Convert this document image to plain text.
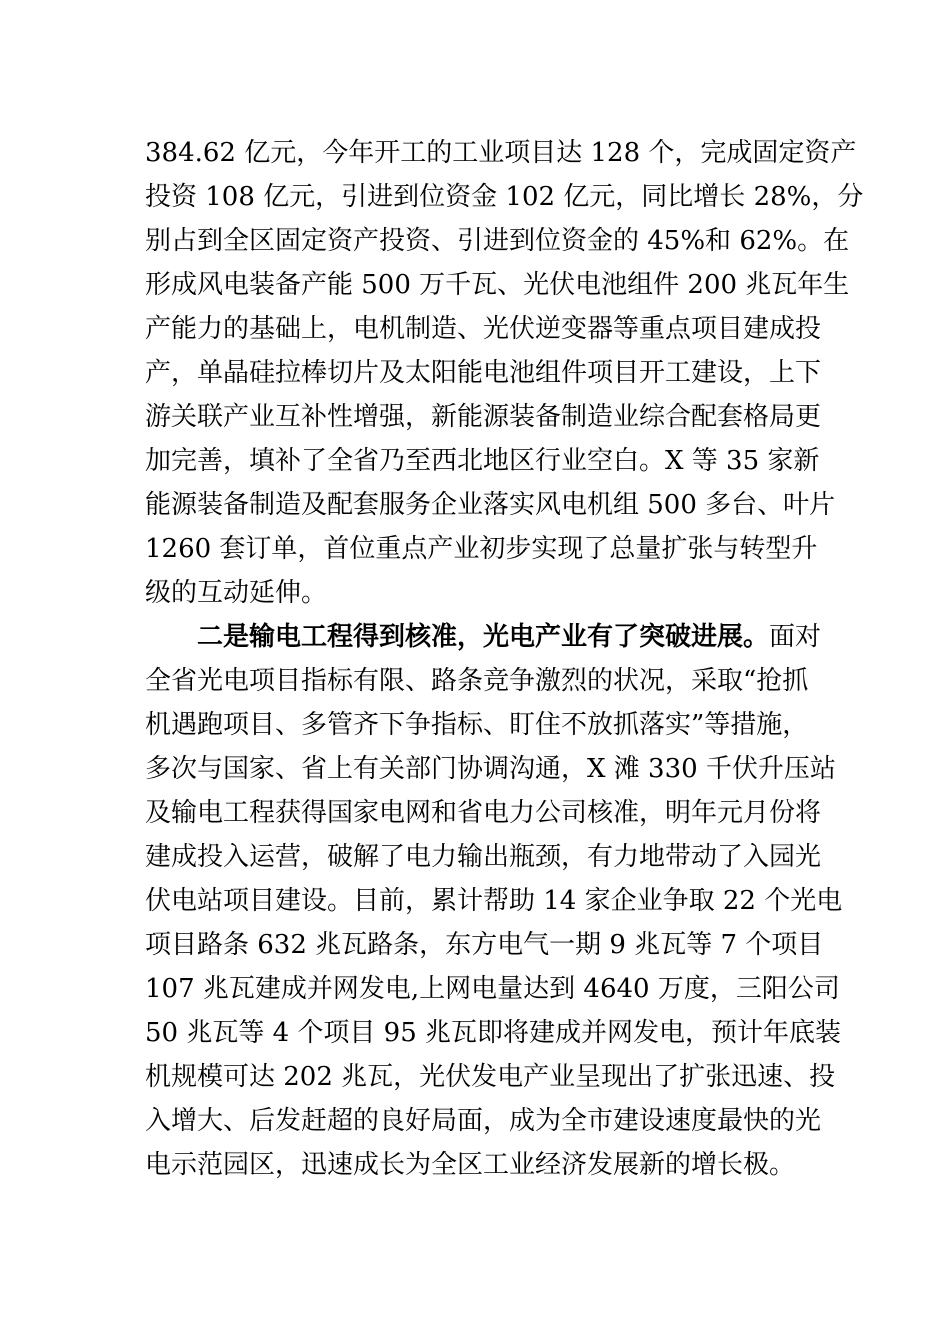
384.62 亿元，今年开工的工业项目达 128 个，完成固定资产
投资 108 亿元，引进到位资金 102 亿元，同比增长 28%，分
别占到全区固定资产投资、引进到位资金的 45%和 62%。在
形成风电装备产能 500 万千瓦、光伏电池组件 200 兆瓦年生
产能力的基础上，电机制造、光伏逆变器等重点项目建成投
产，单晶硅拉棒切片及太阳能电池组件项目开工建设，上下
游关联产业互补性增强，新能源装备制造业综合配套格局更
加完善，填补了全省乃至西北地区行业空白。X 等 35 家新
能源装备制造及配套服务企业落实风电机组 500 多台、叶片
1260 套订单，首位重点产业初步实现了总量扩张与转型升
级的互动延伸。
二是输电工程得到核准，光电产业有了突破进展。面对
全省光电项目指标有限、路条竞争激烈的状况，采取“抢抓
机遇跑项目、多管齐下争指标、盯住不放抓落实”等措施，
多次与国家、省上有关部门协调沟通，X 滩 330 千伏升压站
及输电工程获得国家电网和省电力公司核准，明年元月份将
建成投入运营，破解了电力输出瓶颈，有力地带动了入园光
伏电站项目建设。目前，累计帮助 14 家企业争取 22 个光电
项目路条 632 兆瓦路条，东方电气一期 9 兆瓦等 7 个项目
107 兆瓦建成并网发电,上网电量达到 4640 万度，三阳公司
50 兆瓦等 4 个项目 95 兆瓦即将建成并网发电，预计年底装
机规模可达 202 兆瓦，光伏发电产业呈现出了扩张迅速、投
入增大、后发赶超的良好局面，成为全市建设速度最快的光
电示范园区，迅速成长为全区工业经济发展新的增长极。
